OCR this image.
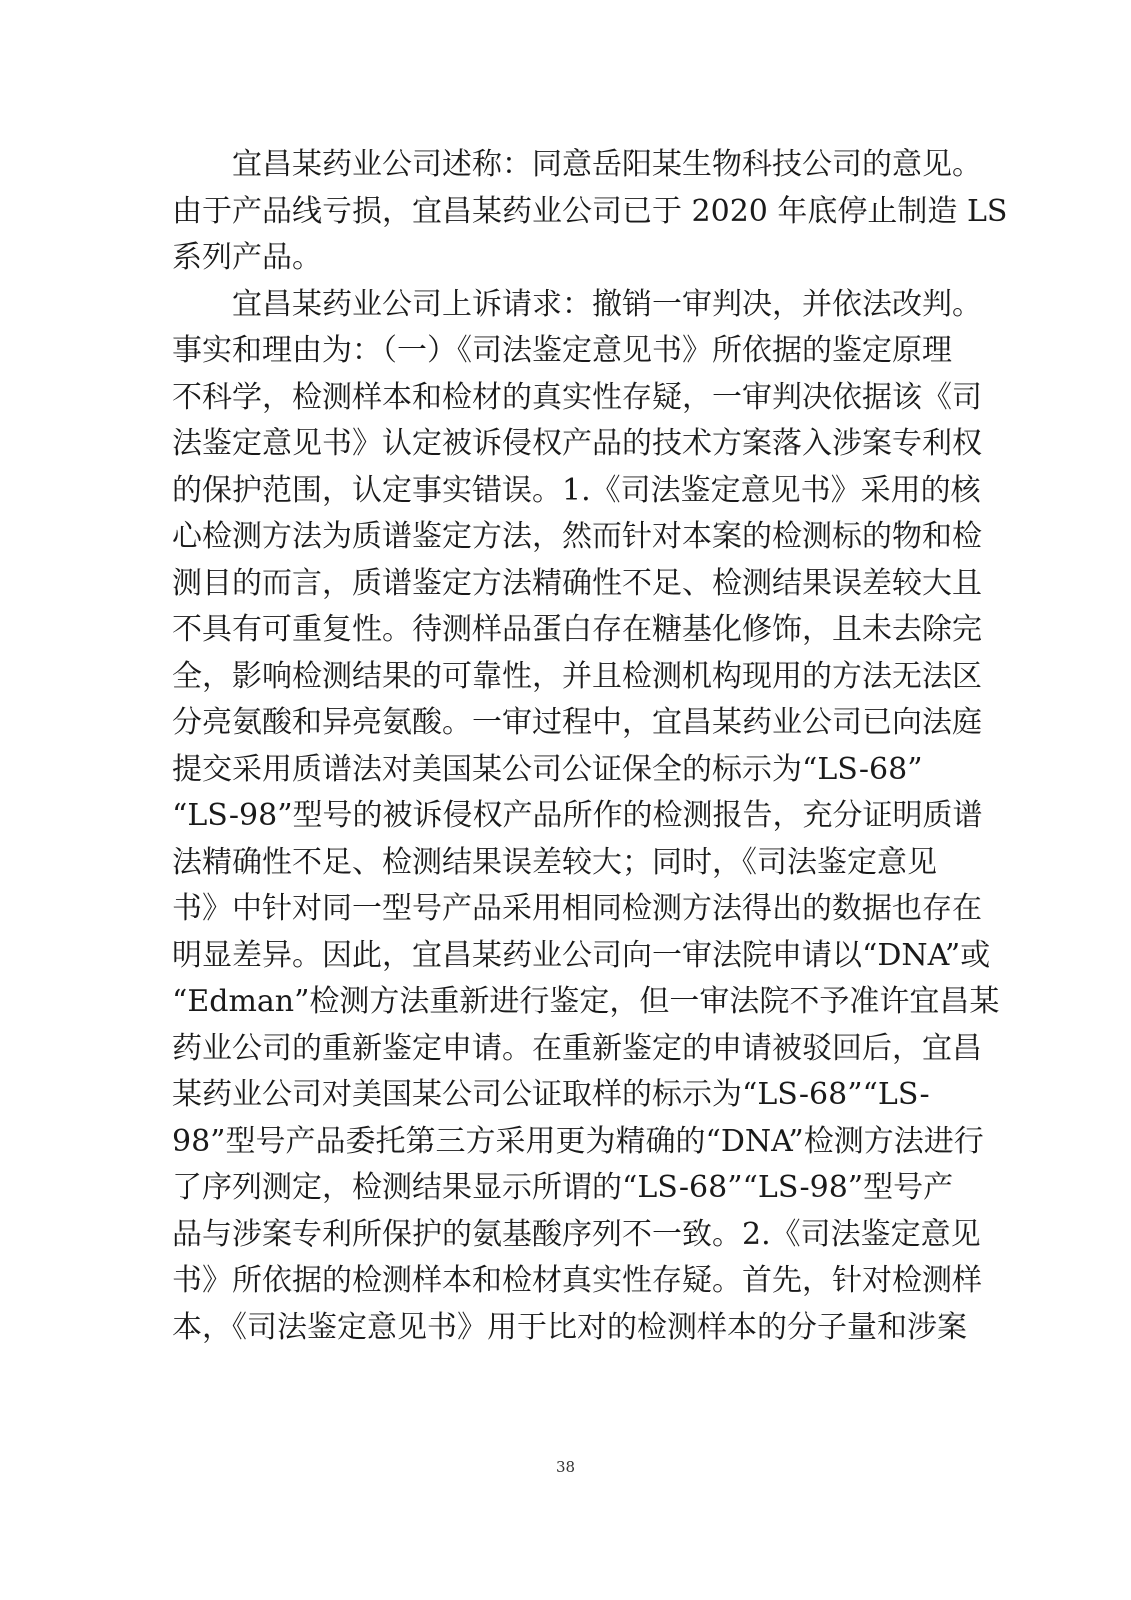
宜昌某药业公司述称：同意岳阳某生物科技公司的意见。
由于产品线亏损，宜昌某药业公司已于 2020 年底停止制造 LS
系列产品。
宜昌某药业公司上诉请求：撤销一审判决，并依法改判。
事实和理由为：（一）《司法鉴定意见书》所依据的鉴定原理
不科学，检测样本和检材的真实性存疑，一审判决依据该《司
法鉴定意见书》认定被诉侵权产品的技术方案落入涉案专利权
的保护范围，认定事实错误。1.《司法鉴定意见书》采用的核
心检测方法为质谱鉴定方法，然而针对本案的检测标的物和检
测目的而言，质谱鉴定方法精确性不足、检测结果误差较大且
不具有可重复性。待测样品蛋白存在糖基化修饰，且未去除完
全，影响检测结果的可靠性，并且检测机构现用的方法无法区
分亮氨酸和异亮氨酸。一审过程中，宜昌某药业公司已向法庭
提交采用质谱法对美国某公司公证保全的标示为“LS-68”
“LS-98”型号的被诉侵权产品所作的检测报告，充分证明质谱
法精确性不足、检测结果误差较大；同时，《司法鉴定意见
书》中针对同一型号产品采用相同检测方法得出的数据也存在
明显差异。因此，宜昌某药业公司向一审法院申请以“DNA”或
“Edman”检测方法重新进行鉴定，但一审法院不予准许宜昌某
药业公司的重新鉴定申请。在重新鉴定的申请被驳回后，宜昌
某药业公司对美国某公司公证取样的标示为“LS-68”“LS-
98”型号产品委托第三方采用更为精确的“DNA”检测方法进行
了序列测定，检测结果显示所谓的“LS-68”“LS-98”型号产
品与涉案专利所保护的氨基酸序列不一致。2.《司法鉴定意见
书》所依据的检测样本和检材真实性存疑。首先，针对检测样
本，《司法鉴定意见书》用于比对的检测样本的分子量和涉案
38
